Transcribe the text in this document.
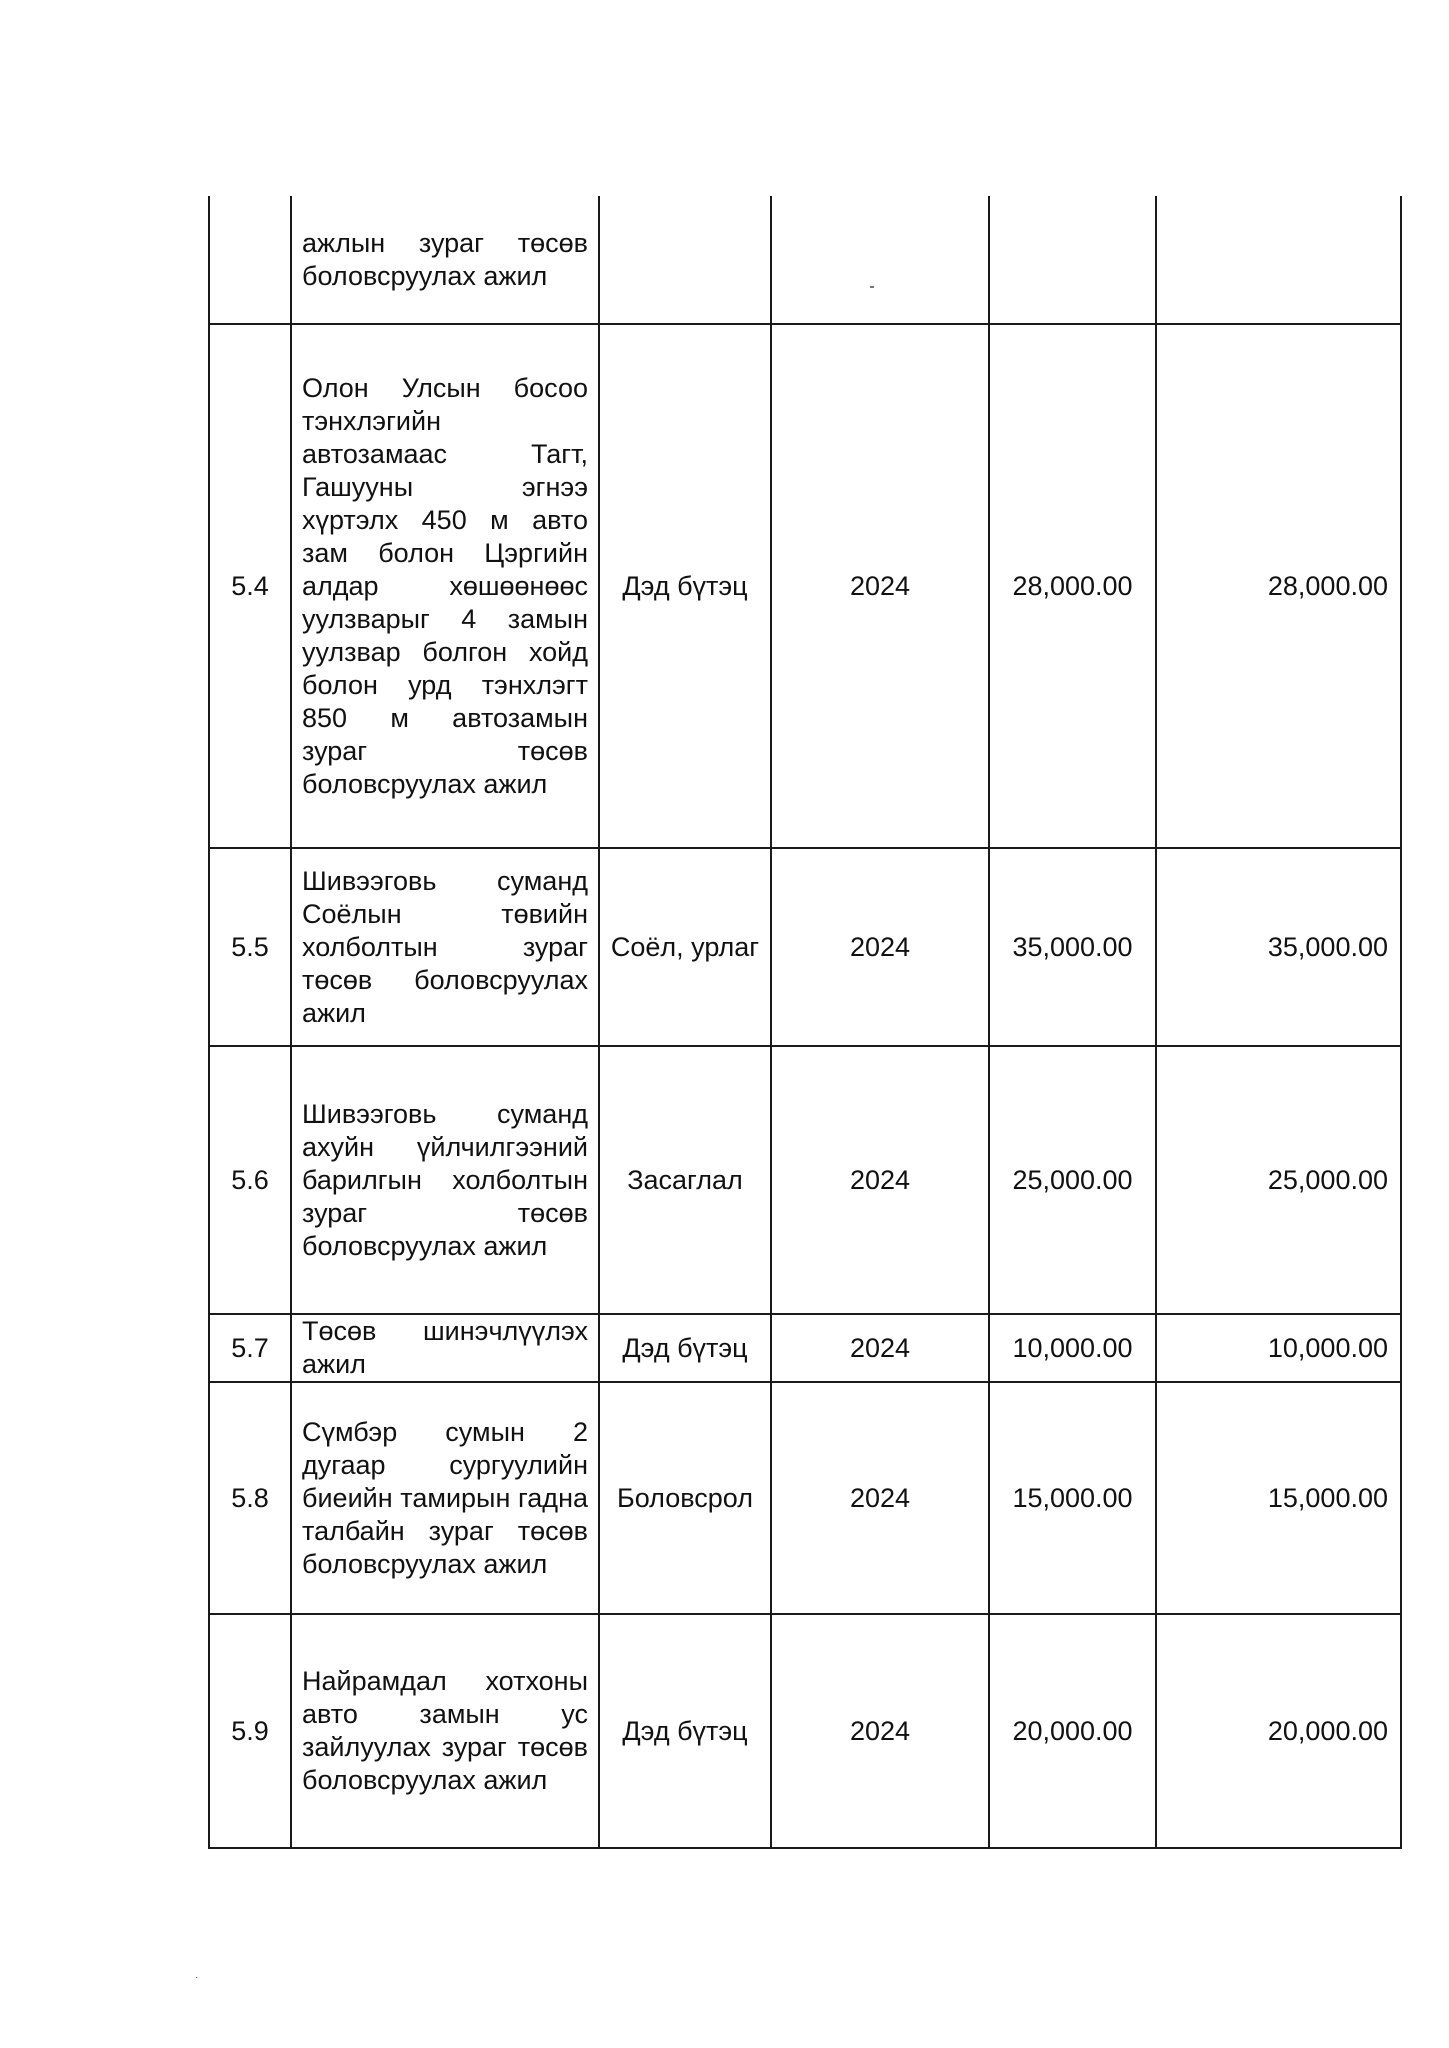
	ажлын зураг төсөв боловсруулах ажил				
5.4	Олон Улсын босоо тэнхлэгийн автозамаас Тагт, Гашууны эгнээ хүртэлх 450 м авто зам болон Цэргийн алдар хөшөөнөөс уулзварыг 4 замын уулзвар болгон хойд болон урд тэнхлэгт 850 м автозамын зураг төсөв боловсруулах ажил	Дэд бүтэц	2024	28,000.00	28,000.00
5.5	Шивээговь суманд Соёлын төвийн холболтын зураг төсөв боловсруулах ажил	Соёл, урлаг	2024	35,000.00	35,000.00
5.6	Шивээговь суманд ахуйн үйлчилгээний барилгын холболтын зураг төсөв боловсруулах ажил	Засаглал	2024	25,000.00	25,000.00
5.7	Төсөв шинэчлүүлэх ажил	Дэд бүтэц	2024	10,000.00	10,000.00
5.8	Сүмбэр сумын 2 дугаар сургуулийн биеийн тамирын гадна талбайн зураг төсөв боловсруулах ажил	Боловсрол	2024	15,000.00	15,000.00
5.9	Найрамдал хотхоны авто замын ус зайлуулах зураг төсөв боловсруулах ажил	Дэд бүтэц	2024	20,000.00	20,000.00
·
